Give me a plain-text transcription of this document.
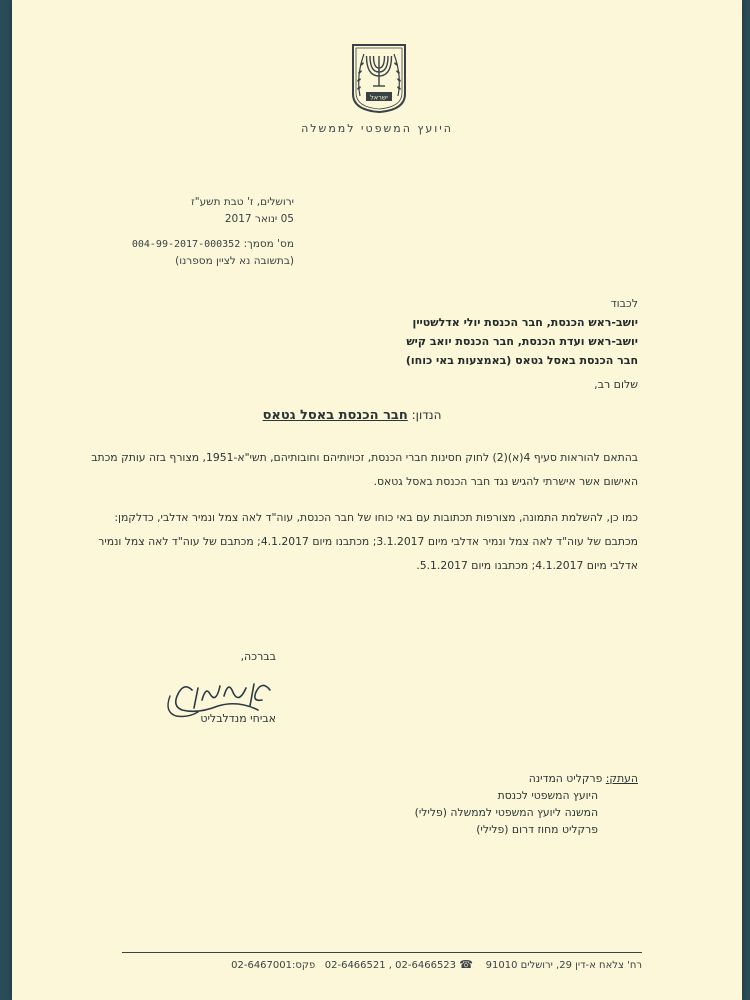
ישראל
היועץ המשפטי לממשלה
ירושלים, ז' טבת תשע"ז
05 ינואר 2017
מס' מסמך: 004-99-2017-000352
(בתשובה נא לציין מספרנו)
לכבוד
יושב-ראש הכנסת, חבר הכנסת יולי אדלשטיין
יושב-ראש ועדת הכנסת, חבר הכנסת יואב קיש
חבר הכנסת באסל גטאס (באמצעות באי כוחו)
שלום רב,
הנדון: חבר הכנסת באסל גטאס
בהתאם להוראות סעיף 4(א)(2) לחוק חסינות חברי הכנסת, זכויותיהם וחובותיהם, תשי"א-1951, מצורף בזה עותק מכתב האישום אשר אישרתי להגיש נגד חבר הכנסת באסל גטאס.
כמו כן, להשלמת התמונה, מצורפות תכתובות עם באי כוחו של חבר הכנסת, עוה"ד לאה צמל ונמיר אדלבי, כדלקמן: מכתבם של עוה"ד לאה צמל ונמיר אדלבי מיום 3.1.2017; מכתבנו מיום 4.1.2017; מכתבם של עוה"ד לאה צמל ונמיר אדלבי מיום 4.1.2017; מכתבנו מיום 5.1.2017.
בברכה,
אביחי מנדלבליט
העתק: פרקליט המדינה
היועץ המשפטי לכנסת
המשנה ליועץ המשפטי לממשלה (פלילי)
פרקליט מחוז דרום (פלילי)
רח' צלאח א-דין 29, ירושלים 91010    ☎ 02-6466521 , 02-6466523   פקס:02-6467001
